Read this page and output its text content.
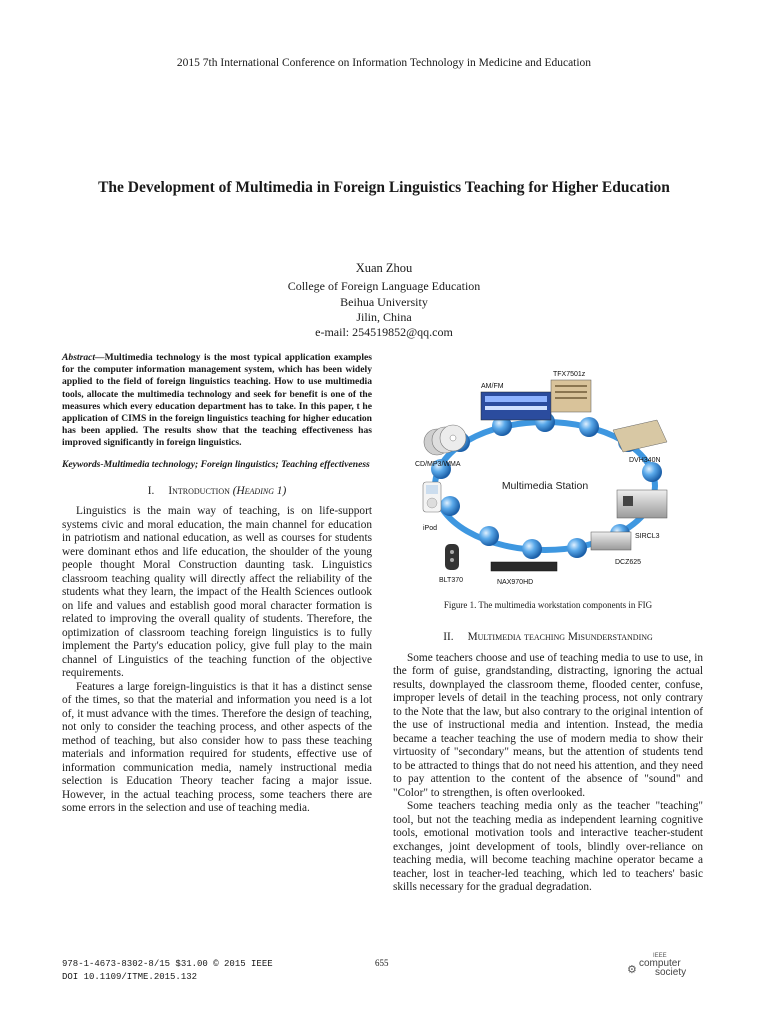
2015 7th International Conference on Information Technology in Medicine and Education
The Development of Multimedia in Foreign Linguistics Teaching for Higher Education
Xuan Zhou
College of Foreign Language Education
Beihua University
Jilin, China
e-mail: 254519852@qq.com
Abstract—Multimedia technology is the most typical application examples for the computer information management system, which has been widely applied to the field of foreign linguistics teaching. How to use multimedia tools, allocate the multimedia technology and seek for benefit is one of the measures which every education department has to take. In this paper, t he application of CIMS in the foreign linguistics teaching for higher education has been applied. The results show that the teaching effectiveness has improved significantly in foreign linguistics.
Keywords-Multimedia technology; Foreign linguistics; Teaching effectiveness
I. Introduction (Heading 1)

Linguistics is the main way of teaching, is on life-support systems civic and moral education, the main channel for education in patriotism and national education, as well as courses for students were dominant ethos and life education, the shoulder of the young people thought Moral Construction daunting task. Linguistics classroom teaching quality will directly affect the reliability of the students what they learn, the impact of the Health Sciences outlook on life and values and establish good moral character formation is related to improving the overall quality of students. Therefore, the optimization of classroom teaching foreign linguistics is to fully implement the Party's education policy, give full play to the main channel of Linguistics of the teaching function of the objective requirements.

Features a large foreign-linguistics is that it has a distinct sense of the times, so that the material and information you need is a lot of, it must advance with the times. Therefore the design of teaching, not only to consider the teaching process, and other aspects of the method of teaching, but also consider how to pass these teaching materials and information required for students, effective use of information communication media, namely instructional media selection is Education Theory teacher facing a major issue. However, in the actual teaching process, some teachers there are some errors in the selection and use of teaching media.

Multimedia Station
AM/FM
TFX7501z
CD/MP3/WMA
DVH340N
iPod
SIRCL3
DCZ625
BLT370	NAX970HD
Figure 1. The multimedia workstation components in FIG
II. Multimedia teaching Misunderstanding

Some teachers choose and use of teaching media to use to use, in the form of guise, grandstanding, distracting, ignoring the actual results, downplayed the classroom theme, flooded center, confuse, improper levels of detail in the teaching process, not only contrary to the Note that the law, but also contrary to the original intention of the use of instructional media and intention. Instead, the media became a teacher teaching the use of modern media to show their virtuosity of "secondary" means, but the attention of students tend to be attracted to things that do not need his attention, and they need to pay attention to the content of the absence of "sound" and "Color" to strengthen, is often overlooked.

Some teachers teaching media only as the teacher "teaching" tool, but not the teaching media as independent learning cognitive tools, emotional motivation tools and interactive teacher-student exchanges, joint development of tools, blindly over-reliance on teaching media, will become teaching machine operator became a teacher, lost in teacher-led teaching, which led to teachers' basic skills necessary for the gradual degradation.

978-1-4673-8302-8/15 $31.00 © 2015 IEEE
DOI 10.1109/ITME.2015.132
655
⚙
IEEE
computer
society
